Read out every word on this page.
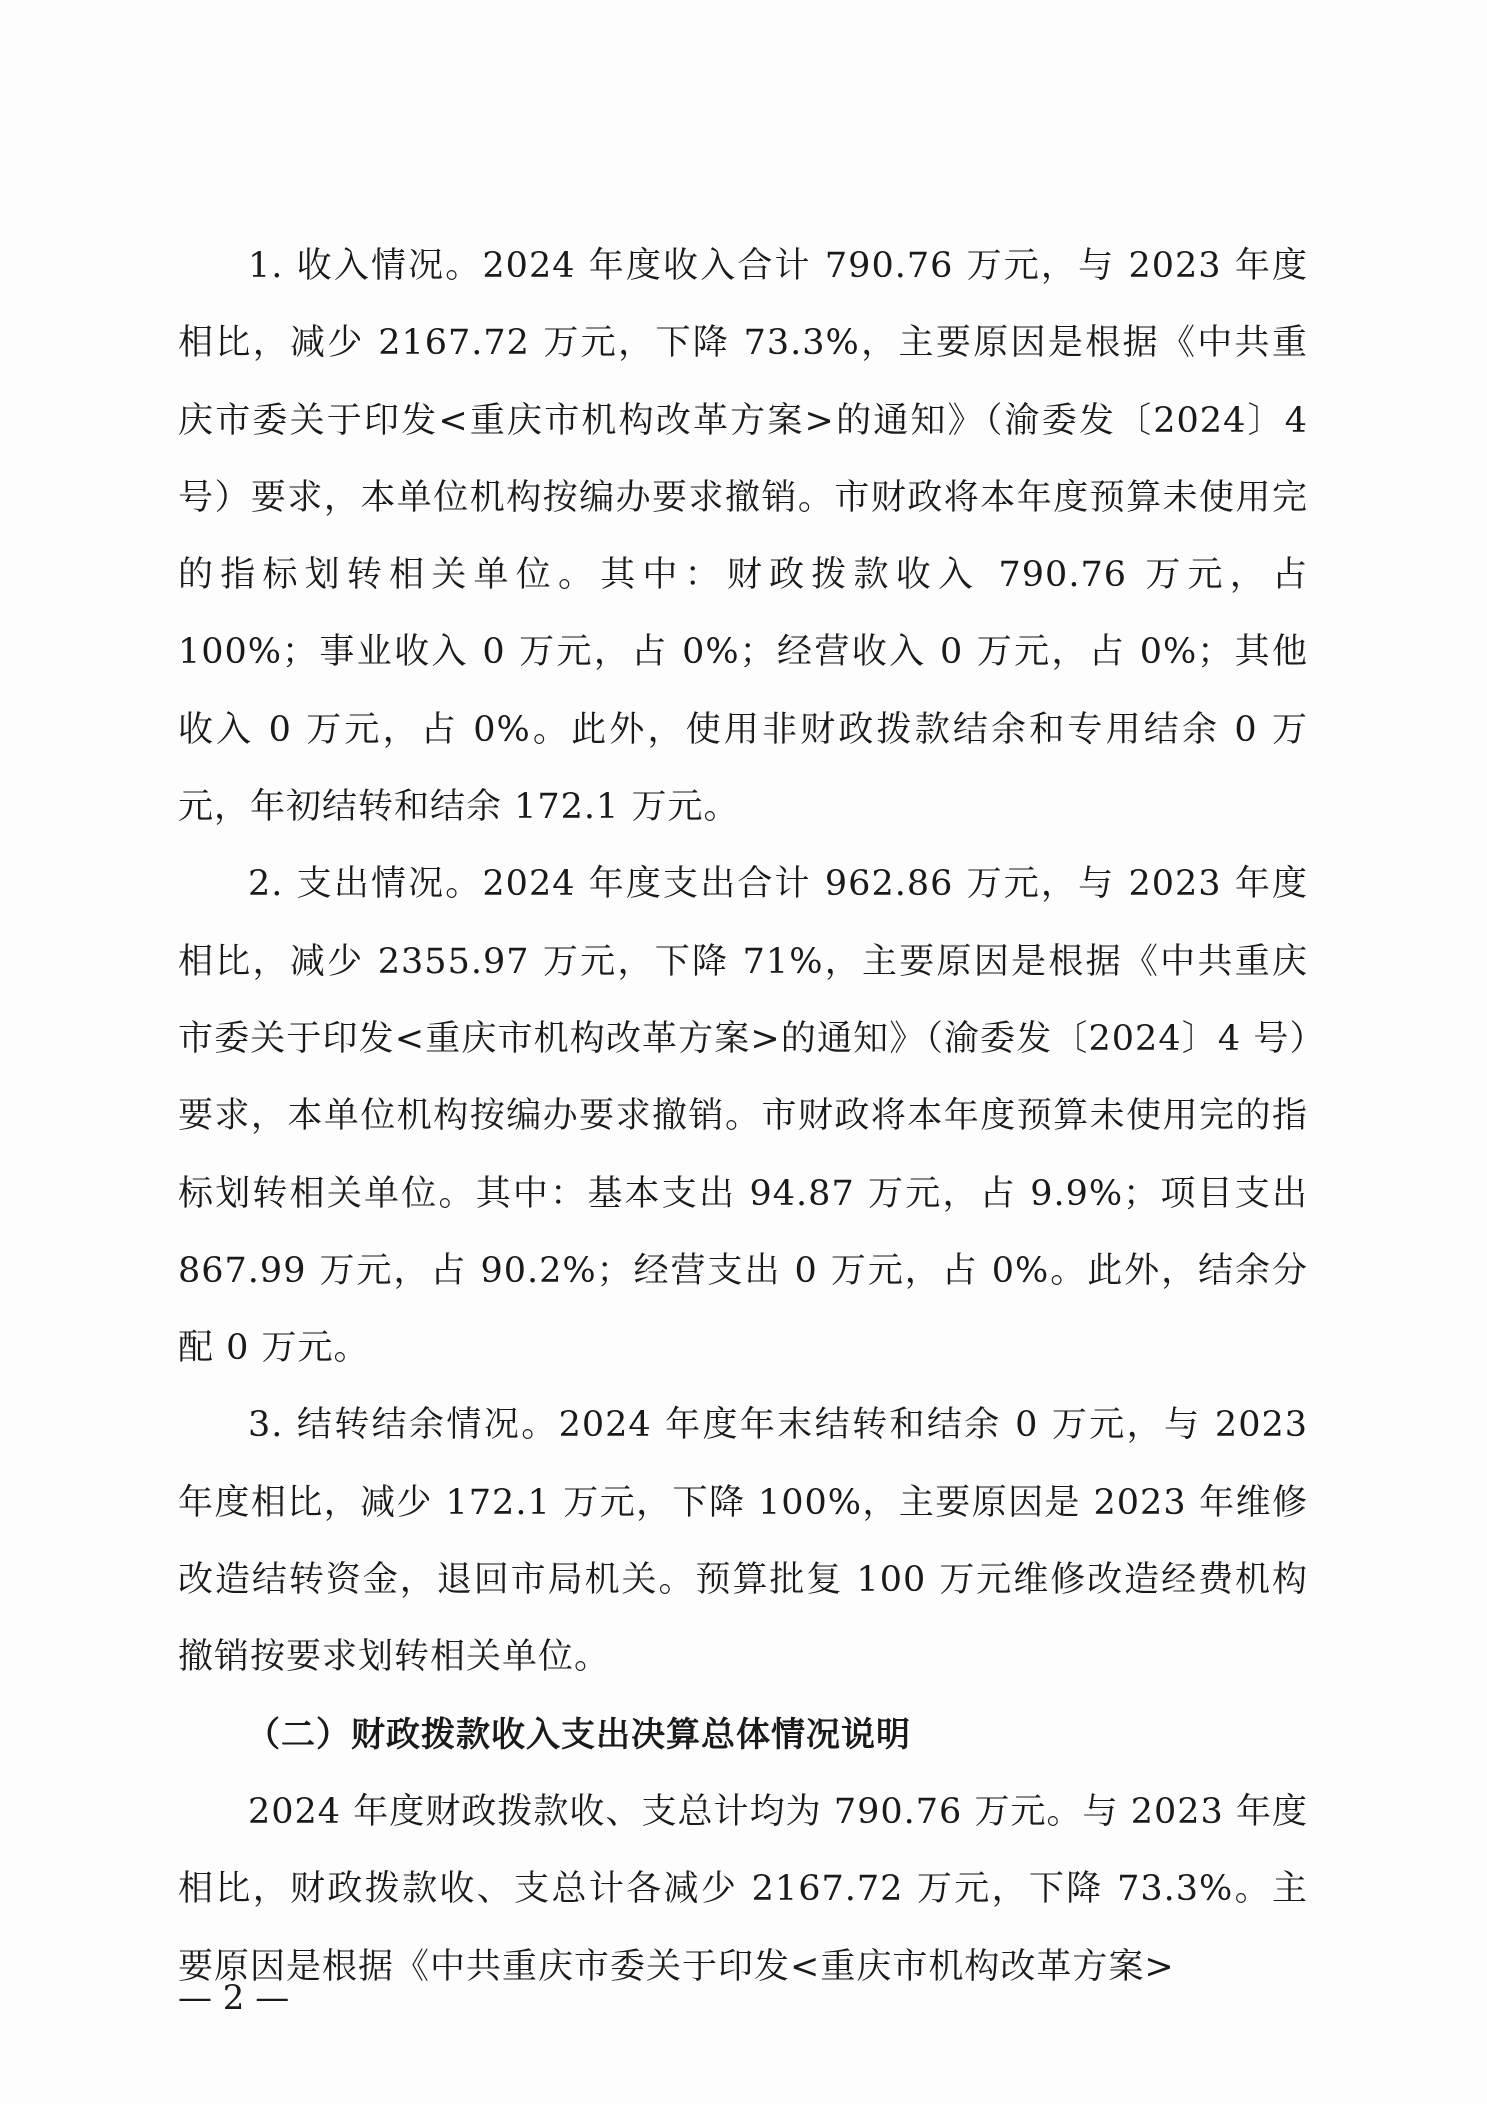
1. 收入情况。2024 年度收入合计 790.76 万元，与 2023 年度相比，减少 2167.72 万元，下降 73.3%，主要原因是根据《中共重庆市委关于印发<重庆市机构改革方案>的通知》（渝委发〔2024〕4 号）要求，本单位机构按编办要求撤销。市财政将本年度预算未使用完的指标划转相关单位。其中：财政拨款收入 790.76 万元，占 100%；事业收入 0 万元，占 0%；经营收入 0 万元，占 0%；其他收入 0 万元，占 0%。此外，使用非财政拨款结余和专用结余 0 万元，年初结转和结余 172.1 万元。

2. 支出情况。2024 年度支出合计 962.86 万元，与 2023 年度相比，减少 2355.97 万元，下降 71%，主要原因是根据《中共重庆市委关于印发<重庆市机构改革方案>的通知》（渝委发〔2024〕4 号）要求，本单位机构按编办要求撤销。市财政将本年度预算未使用完的指标划转相关单位。其中：基本支出 94.87 万元，占 9.9%；项目支出 867.99 万元，占 90.2%；经营支出 0 万元，占 0%。此外，结余分配 0 万元。

3. 结转结余情况。2024 年度年末结转和结余 0 万元，与 2023 年度相比，减少 172.1 万元，下降 100%，主要原因是 2023 年维修改造结转资金，退回市局机关。预算批复 100 万元维修改造经费机构撤销按要求划转相关单位。

（二）财政拨款收入支出决算总体情况说明

2024 年度财政拨款收、支总计均为 790.76 万元。与 2023 年度相比，财政拨款收、支总计各减少 2167.72 万元，下降 73.3%。主要原因是根据《中共重庆市委关于印发<重庆市机构改革方案>

— 2 —
